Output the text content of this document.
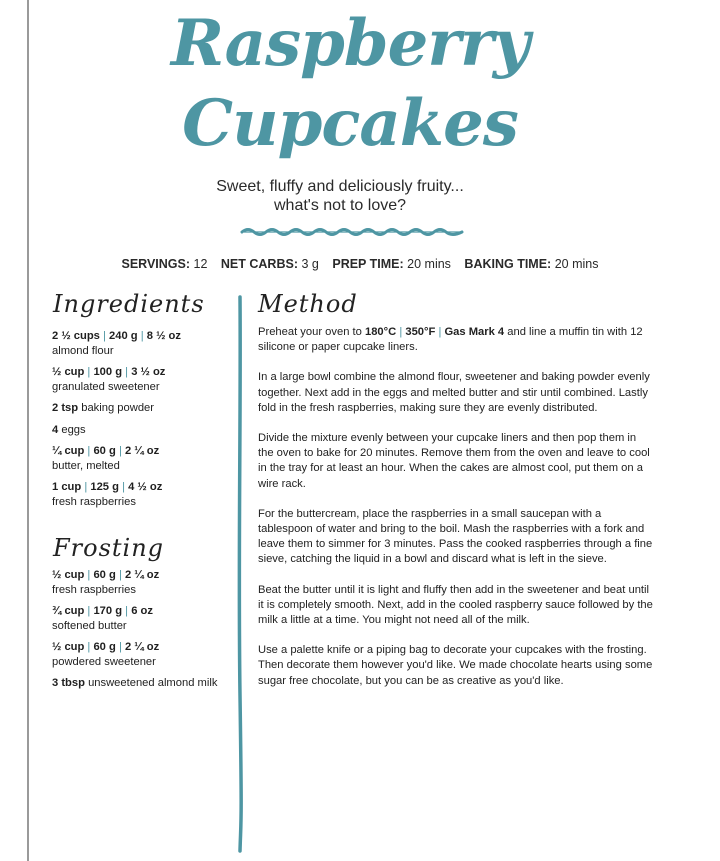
Raspberry
Cupcakes
Sweet, fluffy and deliciously fruity...
what's not to love?
SERVINGS: 12 NET CARBS: 3 g PREP TIME: 20 mins BAKING TIME: 20 mins
Ingredients
2 ½ cups | 240 g | 8 ½ oz
almond flour
½ cup | 100 g | 3 ½ oz
granulated sweetener
2 tsp baking powder
4 eggs
¼ cup | 60 g | 2 ¼ oz
butter, melted
1 cup | 125 g | 4 ½ oz
fresh raspberries
Frosting
½ cup | 60 g | 2 ¼ oz
fresh raspberries
¾ cup | 170 g | 6 oz
softened butter
½ cup | 60 g | 2 ¼ oz
powdered sweetener
3 tbsp unsweetened almond milk
Method

Preheat your oven to 180°C | 350°F | Gas Mark 4 and line a muffin tin with 12 silicone or paper cupcake liners.

In a large bowl combine the almond flour, sweetener and baking powder evenly together. Next add in the eggs and melted butter and stir until combined. Lastly fold in the fresh raspberries, making sure they are evenly distributed.

Divide the mixture evenly between your cupcake liners and then pop them in the oven to bake for 20 minutes. Remove them from the oven and leave to cool in the tray for at least an hour. When the cakes are almost cool, put them on a wire rack.

For the buttercream, place the raspberries in a small saucepan with a tablespoon of water and bring to the boil. Mash the raspberries with a fork and leave them to simmer for 3 minutes. Pass the cooked raspberries through a fine sieve, catching the liquid in a bowl and discard what is left in the sieve.

Beat the butter until it is light and fluffy then add in the sweetener and beat until it is completely smooth. Next, add in the cooled raspberry sauce followed by the milk a little at a time. You might not need all of the milk.

Use a palette knife or a piping bag to decorate your cupcakes with the frosting. Then decorate them however you'd like. We made chocolate hearts using some sugar free chocolate, but you can be as creative as you'd like.
